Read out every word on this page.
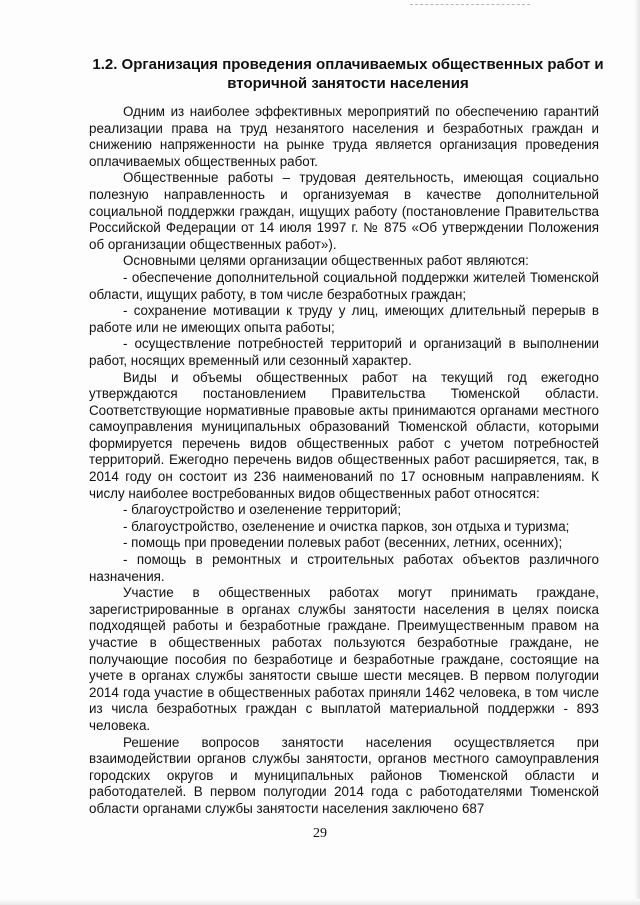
1.2. Организация проведения оплачиваемых общественных работ и
вторичной занятости населения

Одним из наиболее эффективных мероприятий по обеспечению гарантий реализации права на труд незанятого населения и безработных граждан и снижению напряженности на рынке труда является организация проведения оплачиваемых общественных работ.

Общественные работы – трудовая деятельность, имеющая социально полезную направленность и организуемая в качестве дополнительной социальной поддержки граждан, ищущих работу (постановление Правительства Российской Федерации от 14 июля 1997 г. № 875 «Об утверждении Положения об организации общественных работ»).

Основными целями организации общественных работ являются:

- обеспечение дополнительной социальной поддержки жителей Тюменской области, ищущих работу, в том числе безработных граждан;

- сохранение мотивации к труду у лиц, имеющих длительный перерыв в работе или не имеющих опыта работы;

- осуществление потребностей территорий и организаций в выполнении работ, носящих временный или сезонный характер.

Виды и объемы общественных работ на текущий год ежегодно утверждаются постановлением Правительства Тюменской области. Соответствующие нормативные правовые акты принимаются органами местного самоуправления муниципальных образований Тюменской области, которыми формируется перечень видов общественных работ с учетом потребностей территорий. Ежегодно перечень видов общественных работ расширяется, так, в 2014 году он состоит из 236 наименований по 17 основным направлениям. К числу наиболее востребованных видов общественных работ относятся:

- благоустройство и озеленение территорий;

- благоустройство, озеленение и очистка парков, зон отдыха и туризма;

- помощь при проведении полевых работ (весенних, летних, осенних);

- помощь в ремонтных и строительных работах объектов различного назначения.

Участие в общественных работах могут принимать граждане, зарегистрированные в органах службы занятости населения в целях поиска подходящей работы и безработные граждане. Преимущественным правом на участие в общественных работах пользуются безработные граждане, не получающие пособия по безработице и безработные граждане, состоящие на учете в органах службы занятости свыше шести месяцев. В первом полугодии 2014 года участие в общественных работах приняли 1462 человека, в том числе из числа безработных граждан с выплатой материальной поддержки - 893 человека.

Решение вопросов занятости населения осуществляется при взаимодействии органов службы занятости, органов местного самоуправления городских округов и муниципальных районов Тюменской области и работодателей. В первом полугодии 2014 года с работодателями Тюменской области органами службы занятости населения заключено 687

29
